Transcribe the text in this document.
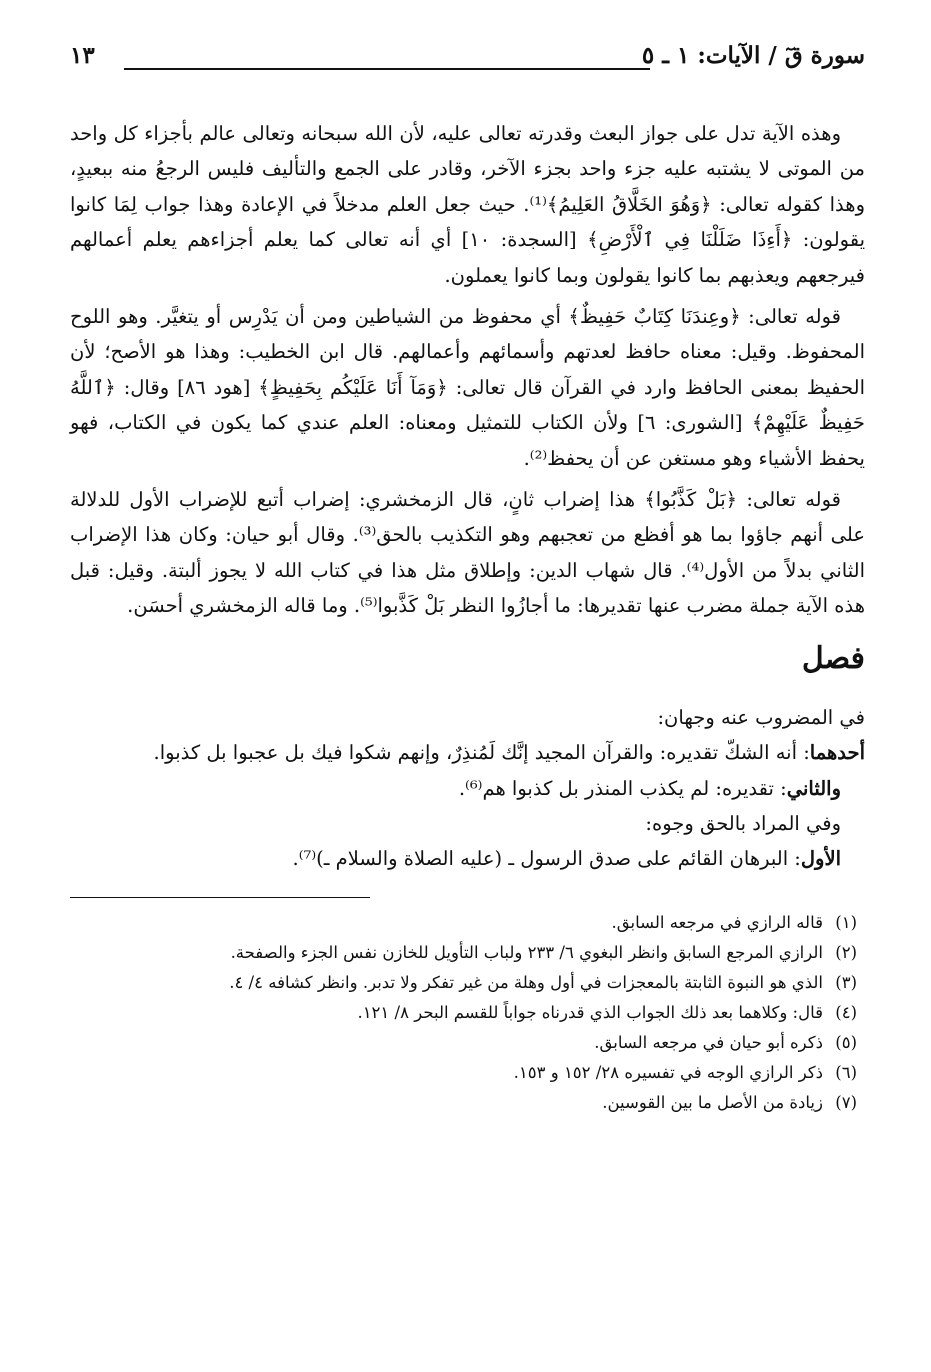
سورة قٓ / الآيات: ١ ـ ٥
١٣

وهذه الآية تدل على جواز البعث وقدرته تعالى عليه، لأن الله سبحانه وتعالى عالم بأجزاء كل واحد من الموتى لا يشتبه عليه جزء واحد بجزء الآخر، وقادر على الجمع والتأليف فليس الرجعُ منه ببعيدٍ، وهذا كقوله تعالى: ﴿وَهُوَ الخَلَّاقُ العَلِيمُ﴾⁽¹⁾. حيث جعل العلم مدخلاً في الإعادة وهذا جواب لِمَا كانوا يقولون: ﴿أَءِذَا ضَلَلْنَا فِي ٱلْأَرْضِ﴾ [السجدة: ١٠] أي أنه تعالى كما يعلم أجزاءهم يعلم أعمالهم فيرجعهم ويعذبهم بما كانوا يقولون وبما كانوا يعملون.

قوله تعالى: ﴿وعِندَنَا كِتَابٌ حَفِيظٌ﴾ أي محفوظ من الشياطين ومن أن يَدْرِس أو يتغيَّر. وهو اللوح المحفوظ. وقيل: معناه حافظ لعدتهم وأسمائهم وأعمالهم. قال ابن الخطيب: وهذا هو الأصح؛ لأن الحفيظ بمعنى الحافظ وارد في القرآن قال تعالى: ﴿وَمَآ أَنَا عَلَيْكُم بِحَفِيظٍ﴾ [هود ٨٦] وقال: ﴿ٱللَّهُ حَفِيظٌ عَلَيْهِمْ﴾ [الشورى: ٦] ولأن الكتاب للتمثيل ومعناه: العلم عندي كما يكون في الكتاب، فهو يحفظ الأشياء وهو مستغن عن أن يحفظ⁽²⁾.

قوله تعالى: ﴿بَلْ كَذَّبُوا﴾ هذا إضراب ثانٍ، قال الزمخشري: إضراب أتبع للإضراب الأول للدلالة على أنهم جاؤوا بما هو أفظع من تعجبهم وهو التكذيب بالحق⁽³⁾. وقال أبو حيان: وكان هذا الإضراب الثاني بدلاً من الأول⁽⁴⁾. قال شهاب الدين: وإطلاق مثل هذا في كتاب الله لا يجوز ألبتة. وقيل: قبل هذه الآية جملة مضرب عنها تقديرها: ما أجازُوا النظر بَلْ كَذَّبوا⁽⁵⁾. وما قاله الزمخشري أحسَن.

فصل

في المضروب عنه وجهان:

أحدهما: أنه الشكّ تقديره: والقرآن المجيد إنَّك لَمُنذِرٌ، وإنهم شكوا فيك بل عجبوا بل كذبوا.

والثاني: تقديره: لم يكذب المنذر بل كذبوا هم⁽⁶⁾.

وفي المراد بالحق وجوه:

الأول: البرهان القائم على صدق الرسول ـ (عليه الصلاة والسلام ـ)⁽⁷⁾.

(١)
قاله الرازي في مرجعه السابق.
(٢)
الرازي المرجع السابق وانظر البغوي ٦/ ٢٣٣ ولباب التأويل للخازن نفس الجزء والصفحة.
(٣)
الذي هو النبوة الثابتة بالمعجزات في أول وهلة من غير تفكر ولا تدبر. وانظر كشافه ٤/ ٤.
(٤)
قال: وكلاهما بعد ذلك الجواب الذي قدرناه جواباً للقسم البحر ٨/ ١٢١.
(٥)
ذكره أبو حيان في مرجعه السابق.
(٦)
ذكر الرازي الوجه في تفسيره ٢٨/ ١٥٢ و ١٥٣.
(٧)
زيادة من الأصل ما بين القوسين.
